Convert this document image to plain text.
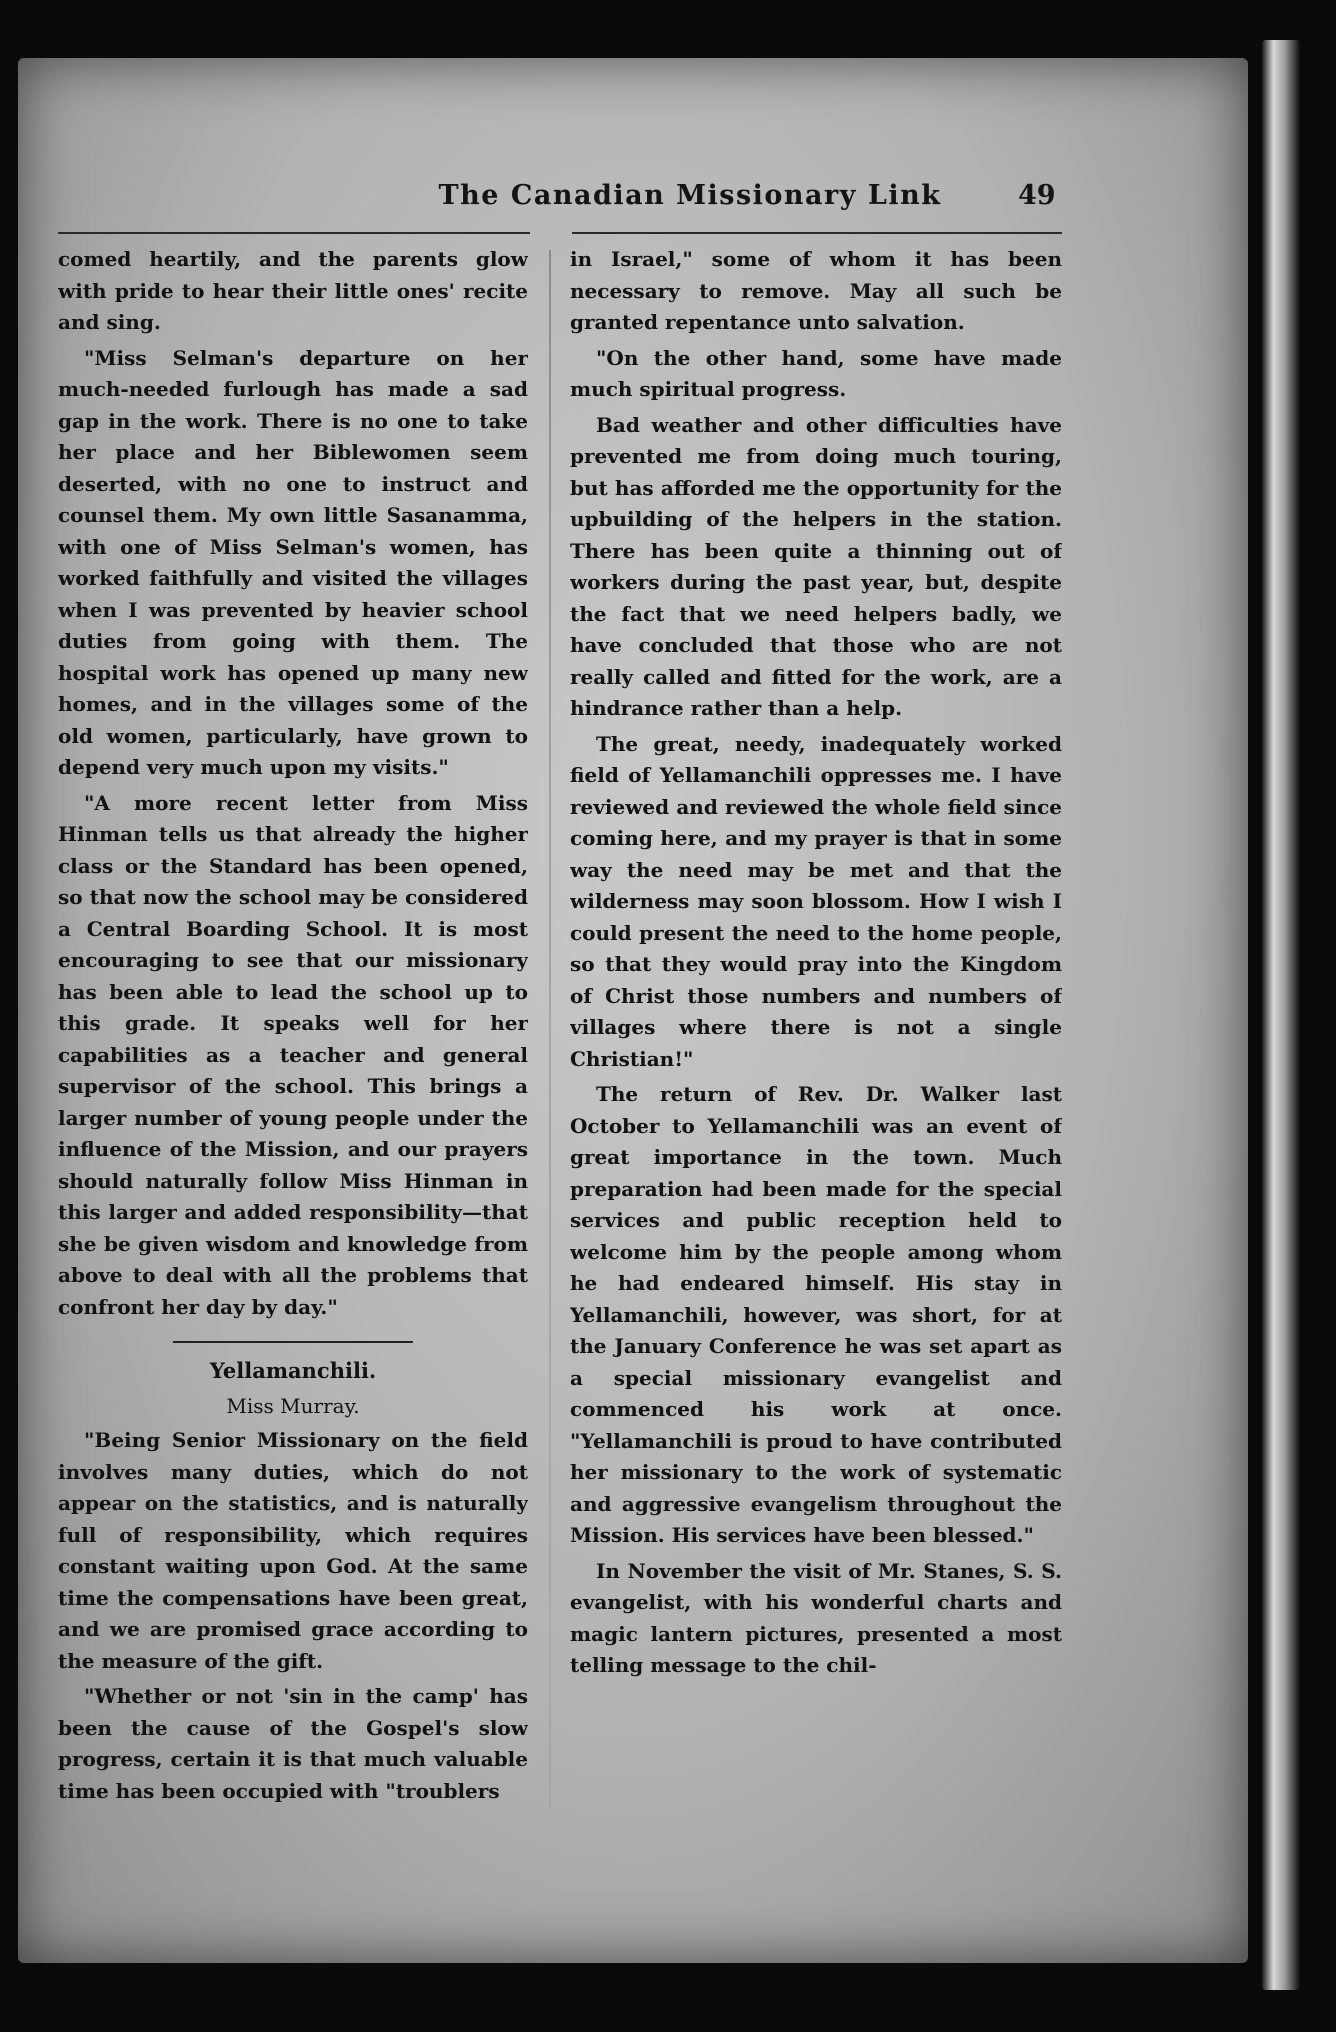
The Canadian Missionary Link	49

comed heartily, and the parents glow with pride to hear their little ones' recite and sing.

"Miss Selman's departure on her much-needed furlough has made a sad gap in the work. There is no one to take her place and her Biblewomen seem deserted, with no one to instruct and counsel them. My own little Sasanamma, with one of Miss Selman's women, has worked faithfully and visited the villages when I was prevented by heavier school duties from going with them. The hospital work has opened up many new homes, and in the villages some of the old women, particularly, have grown to depend very much upon my visits."

"A more recent letter from Miss Hinman tells us that already the higher class or the Standard has been opened, so that now the school may be considered a Central Boarding School. It is most encouraging to see that our missionary has been able to lead the school up to this grade. It speaks well for her capabilities as a teacher and general supervisor of the school. This brings a larger number of young people under the influence of the Mission, and our prayers should naturally follow Miss Hinman in this larger and added responsibility—that she be given wisdom and knowledge from above to deal with all the problems that confront her day by day."

Yellamanchili.

Miss Murray.

"Being Senior Missionary on the field involves many duties, which do not appear on the statistics, and is naturally full of responsibility, which requires constant waiting upon God. At the same time the compensations have been great, and we are promised grace according to the measure of the gift.

"Whether or not 'sin in the camp' has been the cause of the Gospel's slow progress, certain it is that much valuable time has been occupied with "troublers

in Israel," some of whom it has been necessary to remove. May all such be granted repentance unto salvation.

"On the other hand, some have made much spiritual progress.

Bad weather and other difficulties have prevented me from doing much touring, but has afforded me the opportunity for the upbuilding of the helpers in the station. There has been quite a thinning out of workers during the past year, but, despite the fact that we need helpers badly, we have concluded that those who are not really called and fitted for the work, are a hindrance rather than a help.

The great, needy, inadequately worked field of Yellamanchili oppresses me. I have reviewed and reviewed the whole field since coming here, and my prayer is that in some way the need may be met and that the wilderness may soon blossom. How I wish I could present the need to the home people, so that they would pray into the Kingdom of Christ those numbers and numbers of villages where there is not a single Christian!"

The return of Rev. Dr. Walker last October to Yellamanchili was an event of great importance in the town. Much preparation had been made for the special services and public reception held to welcome him by the people among whom he had endeared himself. His stay in Yellamanchili, however, was short, for at the January Conference he was set apart as a special missionary evangelist and commenced his work at once. "Yellamanchili is proud to have contributed her missionary to the work of systematic and aggressive evangelism throughout the Mission. His services have been blessed."

In November the visit of Mr. Stanes, S. S. evangelist, with his wonderful charts and magic lantern pictures, presented a most telling message to the chil-
